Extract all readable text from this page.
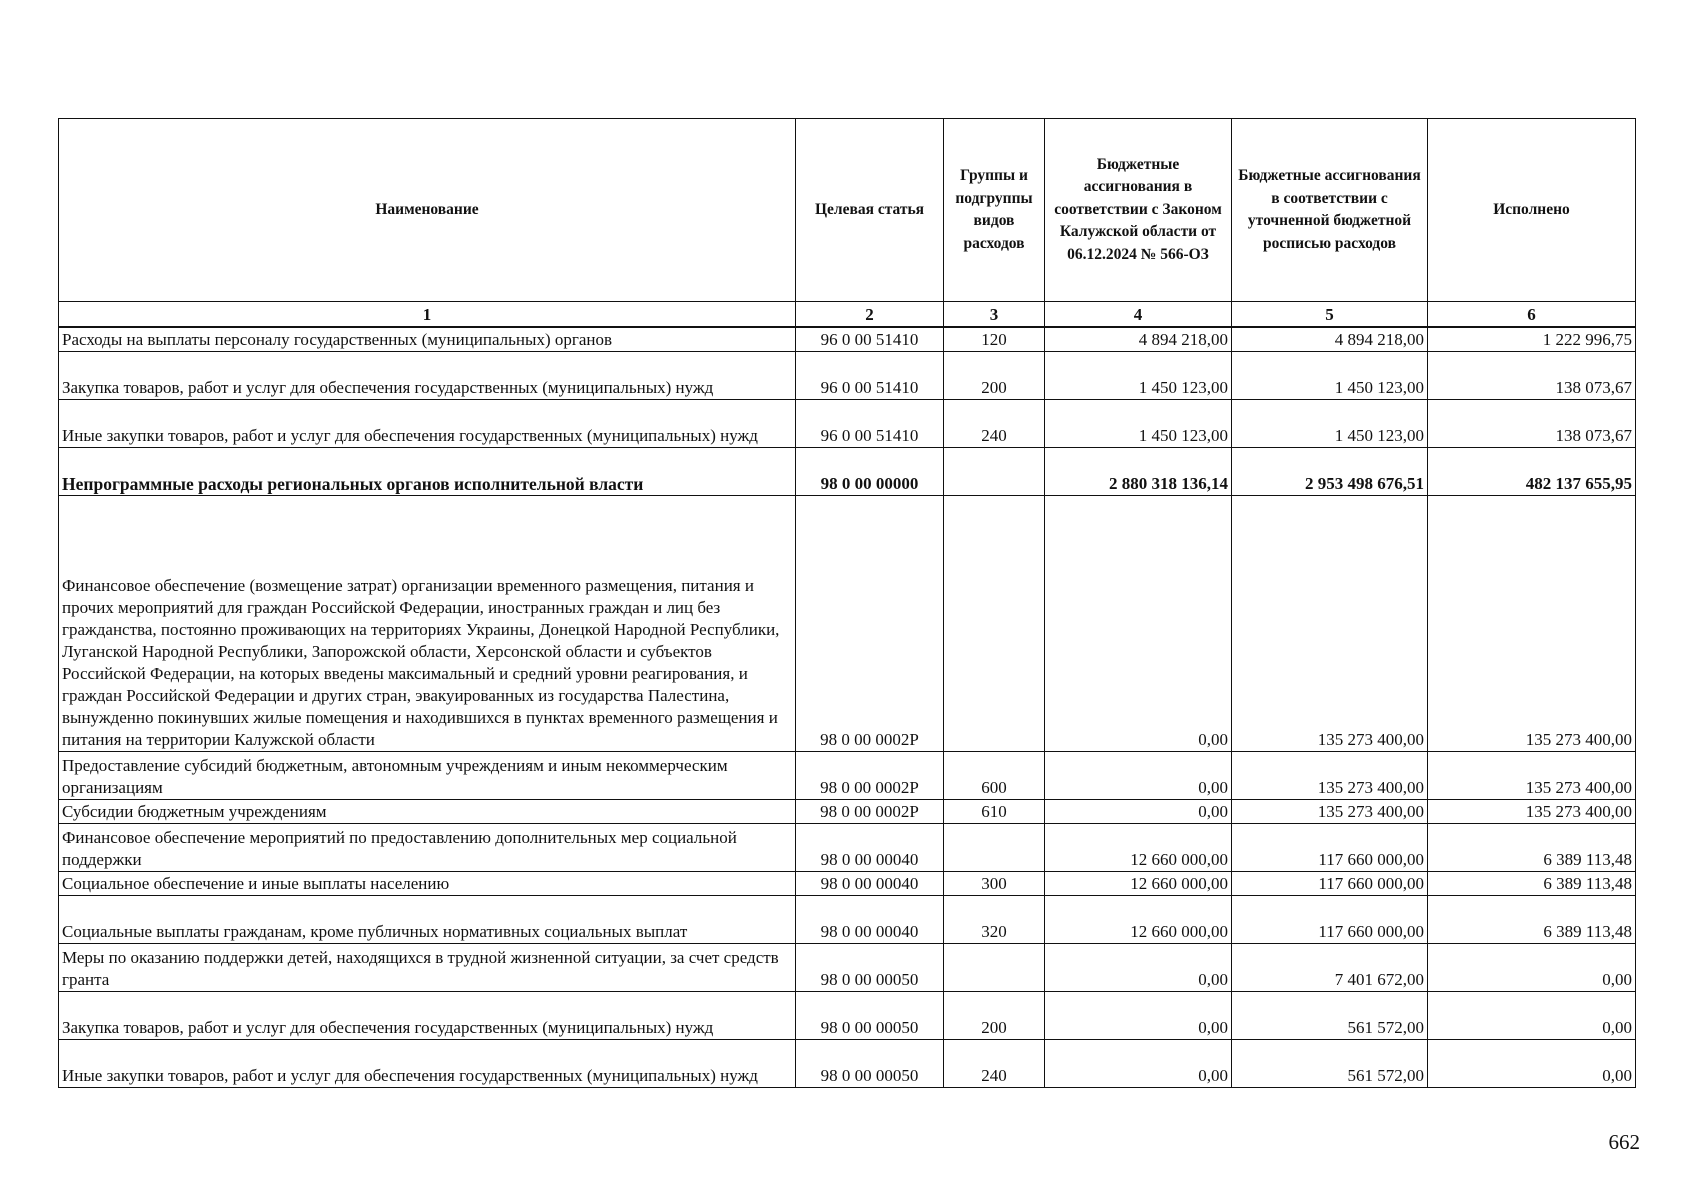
Наименование	Целевая статья	Группы и подгруппы видов расходов	Бюджетные ассигнования в соответствии с Законом Калужской области от 06.12.2024 № 566-ОЗ	Бюджетные ассигнования в соответствии с уточненной бюджетной росписью расходов	Исполнено
1	2	3	4	5	6
Расходы на выплаты персоналу государственных (муниципальных) органов	96 0 00 51410	120	4 894 218,00	4 894 218,00	1 222 996,75
Закупка товаров, работ и услуг для обеспечения государственных (муниципальных) нужд	96 0 00 51410	200	1 450 123,00	1 450 123,00	138 073,67
Иные закупки товаров, работ и услуг для обеспечения государственных (муниципальных) нужд	96 0 00 51410	240	1 450 123,00	1 450 123,00	138 073,67
Непрограммные расходы региональных органов исполнительной власти	98 0 00 00000		2 880 318 136,14	2 953 498 676,51	482 137 655,95
Финансовое обеспечение (возмещение затрат) организации временного размещения, питания и прочих мероприятий для граждан Российской Федерации, иностранных граждан и лиц без гражданства, постоянно проживающих на территориях Украины, Донецкой Народной Республики, Луганской Народной Республики, Запорожской области, Херсонской области и субъектов Российской Федерации, на которых введены максимальный и средний уровни реагирования, и граждан Российской Федерации и других стран, эвакуированных из государства Палестина, вынужденно покинувших жилые помещения и находившихся в пунктах временного размещения и питания на территории Калужской области	98 0 00 0002P		0,00	135 273 400,00	135 273 400,00
Предоставление субсидий бюджетным, автономным учреждениям и иным некоммерческим организациям	98 0 00 0002P	600	0,00	135 273 400,00	135 273 400,00
Субсидии бюджетным учреждениям	98 0 00 0002P	610	0,00	135 273 400,00	135 273 400,00
Финансовое обеспечение мероприятий по предоставлению дополнительных мер социальной поддержки	98 0 00 00040		12 660 000,00	117 660 000,00	6 389 113,48
Социальное обеспечение и иные выплаты населению	98 0 00 00040	300	12 660 000,00	117 660 000,00	6 389 113,48
Социальные выплаты гражданам, кроме публичных нормативных социальных выплат	98 0 00 00040	320	12 660 000,00	117 660 000,00	6 389 113,48
Меры по оказанию поддержки детей, находящихся в трудной жизненной ситуации, за счет средств гранта	98 0 00 00050		0,00	7 401 672,00	0,00
Закупка товаров, работ и услуг для обеспечения государственных (муниципальных) нужд	98 0 00 00050	200	0,00	561 572,00	0,00
Иные закупки товаров, работ и услуг для обеспечения государственных (муниципальных) нужд	98 0 00 00050	240	0,00	561 572,00	0,00
662
